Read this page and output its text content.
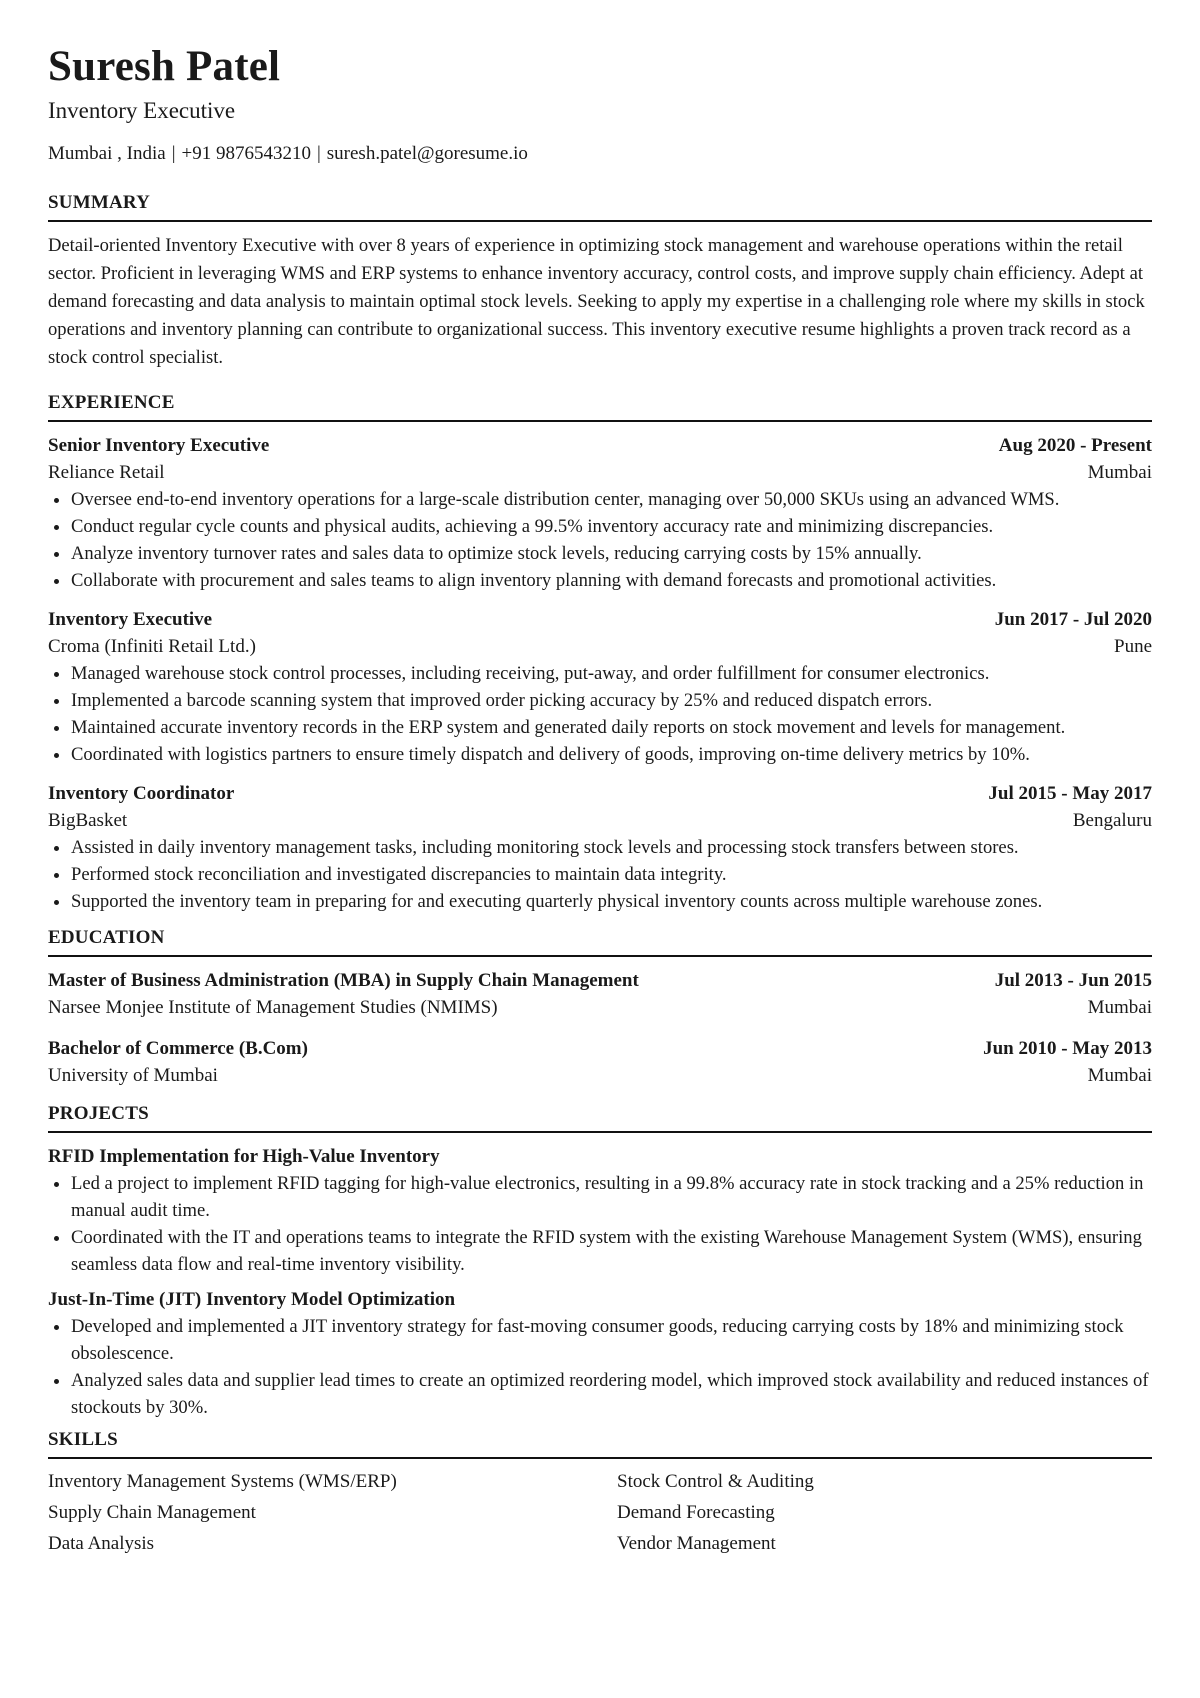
Suresh Patel
Inventory Executive
Mumbai , India | +91 9876543210 | suresh.patel@goresume.io
SUMMARY

Detail-oriented Inventory Executive with over 8 years of experience in optimizing stock management and warehouse operations within the retail sector. Proficient in leveraging WMS and ERP systems to enhance inventory accuracy, control costs, and improve supply chain efficiency. Adept at demand forecasting and data analysis to maintain optimal stock levels. Seeking to apply my expertise in a challenging role where my skills in stock operations and inventory planning can contribute to organizational success. This inventory executive resume highlights a proven track record as a stock control specialist.

EXPERIENCE
Senior Inventory Executive	Aug 2020 - Present
Reliance Retail	Mumbai
• Oversee end-to-end inventory operations for a large-scale distribution center, managing over 50,000 SKUs using an advanced WMS.
• Conduct regular cycle counts and physical audits, achieving a 99.5% inventory accuracy rate and minimizing discrepancies.
• Analyze inventory turnover rates and sales data to optimize stock levels, reducing carrying costs by 15% annually.
• Collaborate with procurement and sales teams to align inventory planning with demand forecasts and promotional activities.
Inventory Executive	Jun 2017 - Jul 2020
Croma (Infiniti Retail Ltd.)	Pune
• Managed warehouse stock control processes, including receiving, put-away, and order fulfillment for consumer electronics.
• Implemented a barcode scanning system that improved order picking accuracy by 25% and reduced dispatch errors.
• Maintained accurate inventory records in the ERP system and generated daily reports on stock movement and levels for management.
• Coordinated with logistics partners to ensure timely dispatch and delivery of goods, improving on-time delivery metrics by 10%.
Inventory Coordinator	Jul 2015 - May 2017
BigBasket	Bengaluru
• Assisted in daily inventory management tasks, including monitoring stock levels and processing stock transfers between stores.
• Performed stock reconciliation and investigated discrepancies to maintain data integrity.
• Supported the inventory team in preparing for and executing quarterly physical inventory counts across multiple warehouse zones.
EDUCATION
Master of Business Administration (MBA) in Supply Chain Management	Jul 2013 - Jun 2015
Narsee Monjee Institute of Management Studies (NMIMS)	Mumbai
Bachelor of Commerce (B.Com)	Jun 2010 - May 2013
University of Mumbai	Mumbai
PROJECTS
RFID Implementation for High-Value Inventory
• Led a project to implement RFID tagging for high-value electronics, resulting in a 99.8% accuracy rate in stock tracking and a 25% reduction in manual audit time.
• Coordinated with the IT and operations teams to integrate the RFID system with the existing Warehouse Management System (WMS), ensuring seamless data flow and real-time inventory visibility.
Just-In-Time (JIT) Inventory Model Optimization
• Developed and implemented a JIT inventory strategy for fast-moving consumer goods, reducing carrying costs by 18% and minimizing stock obsolescence.
• Analyzed sales data and supplier lead times to create an optimized reordering model, which improved stock availability and reduced instances of stockouts by 30%.
SKILLS
Inventory Management Systems (WMS/ERP)	Stock Control & Auditing
Supply Chain Management	Demand Forecasting
Data Analysis	Vendor Management
